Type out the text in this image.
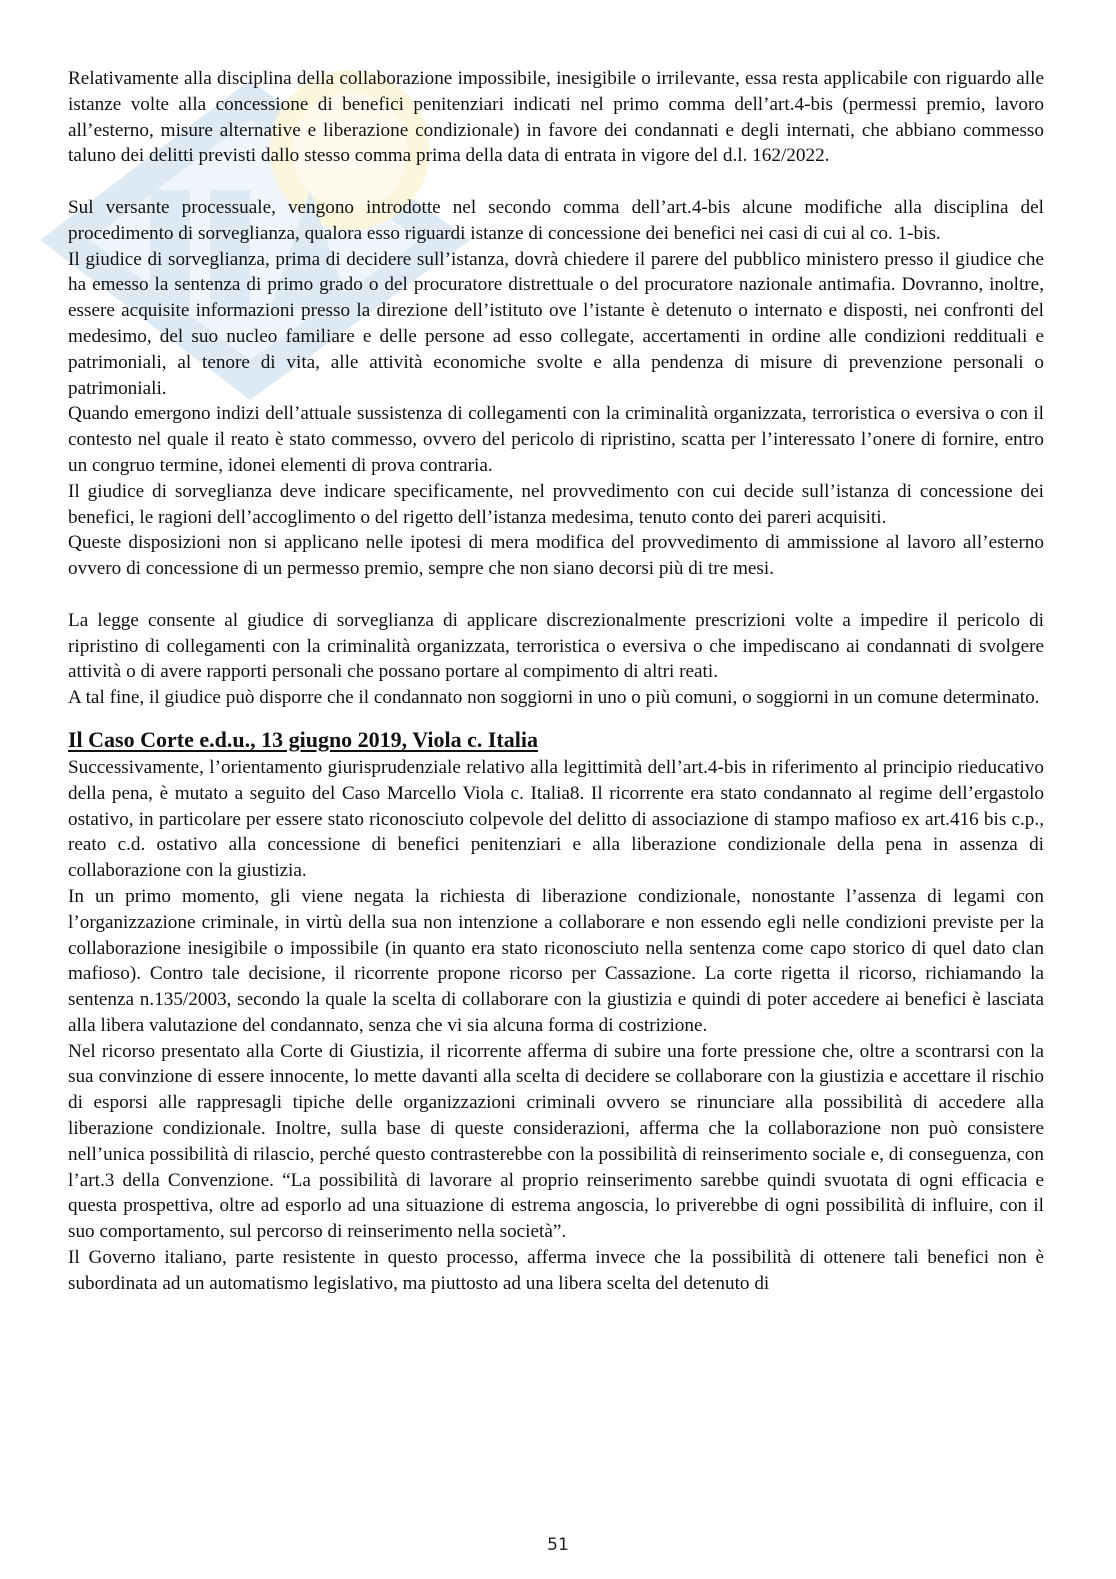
Relativamente alla disciplina della collaborazione impossibile, inesigibile o irrilevante, essa resta applicabile con riguardo alle istanze volte alla concessione di benefici penitenziari indicati nel primo comma dell’art.4-bis (permessi premio, lavoro all’esterno, misure alternative e liberazione condizionale) in favore dei condannati e degli internati, che abbiano commesso taluno dei delitti previsti dallo stesso comma prima della data di entrata in vigore del d.l. 162/2022.

Sul versante processuale, vengono introdotte nel secondo comma dell’art.4-bis alcune modifiche alla disciplina del procedimento di sorveglianza, qualora esso riguardi istanze di concessione dei benefici nei casi di cui al co. 1-bis.

Il giudice di sorveglianza, prima di decidere sull’istanza, dovrà chiedere il parere del pubblico ministero presso il giudice che ha emesso la sentenza di primo grado o del procuratore distrettuale o del procuratore nazionale antimafia. Dovranno, inoltre, essere acquisite informazioni presso la direzione dell’istituto ove l’istante è detenuto o internato e disposti, nei confronti del medesimo, del suo nucleo familiare e delle persone ad esso collegate, accertamenti in ordine alle condizioni reddituali e patrimoniali, al tenore di vita, alle attività economiche svolte e alla pendenza di misure di prevenzione personali o patrimoniali.

Quando emergono indizi dell’attuale sussistenza di collegamenti con la criminalità organizzata, terroristica o eversiva o con il contesto nel quale il reato è stato commesso, ovvero del pericolo di ripristino, scatta per l’interessato l’onere di fornire, entro un congruo termine, idonei elementi di prova contraria.

Il giudice di sorveglianza deve indicare specificamente, nel provvedimento con cui decide sull’istanza di concessione dei benefici, le ragioni dell’accoglimento o del rigetto dell’istanza medesima, tenuto conto dei pareri acquisiti.

Queste disposizioni non si applicano nelle ipotesi di mera modifica del provvedimento di ammissione al lavoro all’esterno ovvero di concessione di un permesso premio, sempre che non siano decorsi più di tre mesi.

La legge consente al giudice di sorveglianza di applicare discrezionalmente prescrizioni volte a impedire il pericolo di ripristino di collegamenti con la criminalità organizzata, terroristica o eversiva o che impediscano ai condannati di svolgere attività o di avere rapporti personali che possano portare al compimento di altri reati.

A tal fine, il giudice può disporre che il condannato non soggiorni in uno o più comuni, o soggiorni in un comune determinato.

Il Caso Corte e.d.u., 13 giugno 2019, Viola c. Italia

Successivamente, l’orientamento giurisprudenziale relativo alla legittimità dell’art.4-bis in riferimento al principio rieducativo della pena, è mutato a seguito del Caso Marcello Viola c. Italia8. Il ricorrente era stato condannato al regime dell’ergastolo ostativo, in particolare per essere stato riconosciuto colpevole del delitto di associazione di stampo mafioso ex art.416 bis c.p., reato c.d. ostativo alla concessione di benefici penitenziari e alla liberazione condizionale della pena in assenza di collaborazione con la giustizia.

In un primo momento, gli viene negata la richiesta di liberazione condizionale, nonostante l’assenza di legami con l’organizzazione criminale, in virtù della sua non intenzione a collaborare e non essendo egli nelle condizioni previste per la collaborazione inesigibile o impossibile (in quanto era stato riconosciuto nella sentenza come capo storico di quel dato clan mafioso). Contro tale decisione, il ricorrente propone ricorso per Cassazione. La corte rigetta il ricorso, richiamando la sentenza n.135/2003, secondo la quale la scelta di collaborare con la giustizia e quindi di poter accedere ai benefici è lasciata alla libera valutazione del condannato, senza che vi sia alcuna forma di costrizione.

Nel ricorso presentato alla Corte di Giustizia, il ricorrente afferma di subire una forte pressione che, oltre a scontrarsi con la sua convinzione di essere innocente, lo mette davanti alla scelta di decidere se collaborare con la giustizia e accettare il rischio di esporsi alle rappresagli tipiche delle organizzazioni criminali ovvero se rinunciare alla possibilità di accedere alla liberazione condizionale. Inoltre, sulla base di queste considerazioni, afferma che la collaborazione non può consistere nell’unica possibilità di rilascio, perché questo contrasterebbe con la possibilità di reinserimento sociale e, di conseguenza, con l’art.3 della Convenzione. “La possibilità di lavorare al proprio reinserimento sarebbe quindi svuotata di ogni efficacia e questa prospettiva, oltre ad esporlo ad una situazione di estrema angoscia, lo priverebbe di ogni possibilità di influire, con il suo comportamento, sul percorso di reinserimento nella società”.

Il Governo italiano, parte resistente in questo processo, afferma invece che la possibilità di ottenere tali benefici non è subordinata ad un automatismo legislativo, ma piuttosto ad una libera scelta del detenuto di

51
